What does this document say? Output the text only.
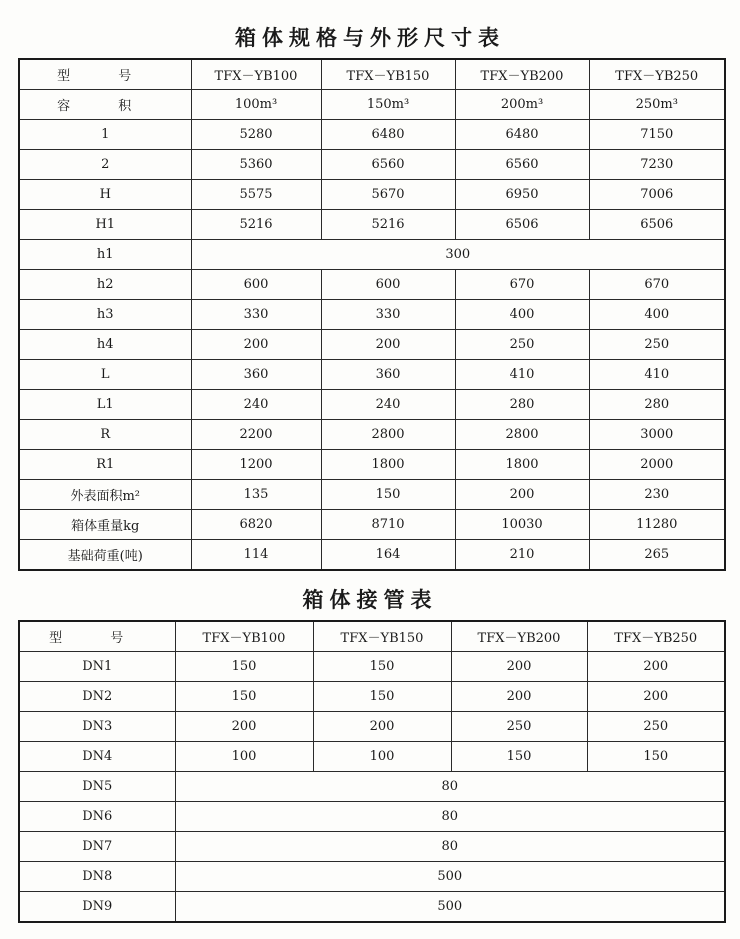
箱体规格与外形尺寸表
型 号	TFX－YB100	TFX－YB150	TFX－YB200	TFX－YB250
容 积	100m³	150m³	200m³	250m³
1	5280	6480	6480	7150
2	5360	6560	6560	7230
H	5575	5670	6950	7006
H1	5216	5216	6506	6506
h1	300			
h2	600	600	670	670
h3	330	330	400	400
h4	200	200	250	250
L	360	360	410	410
L1	240	240	280	280
R	2200	2800	2800	3000
R1	1200	1800	1800	2000
外表面积m²	135	150	200	230
箱体重量kg	6820	8710	10030	11280
基础荷重(吨)	114	164	210	265
箱体接管表
型 号	TFX－YB100	TFX－YB150	TFX－YB200	TFX－YB250
DN1	150	150	200	200
DN2	150	150	200	200
DN3	200	200	250	250
DN4	100	100	150	150
DN5	80			
DN6	80			
DN7	80			
DN8	500			
DN9	500			
